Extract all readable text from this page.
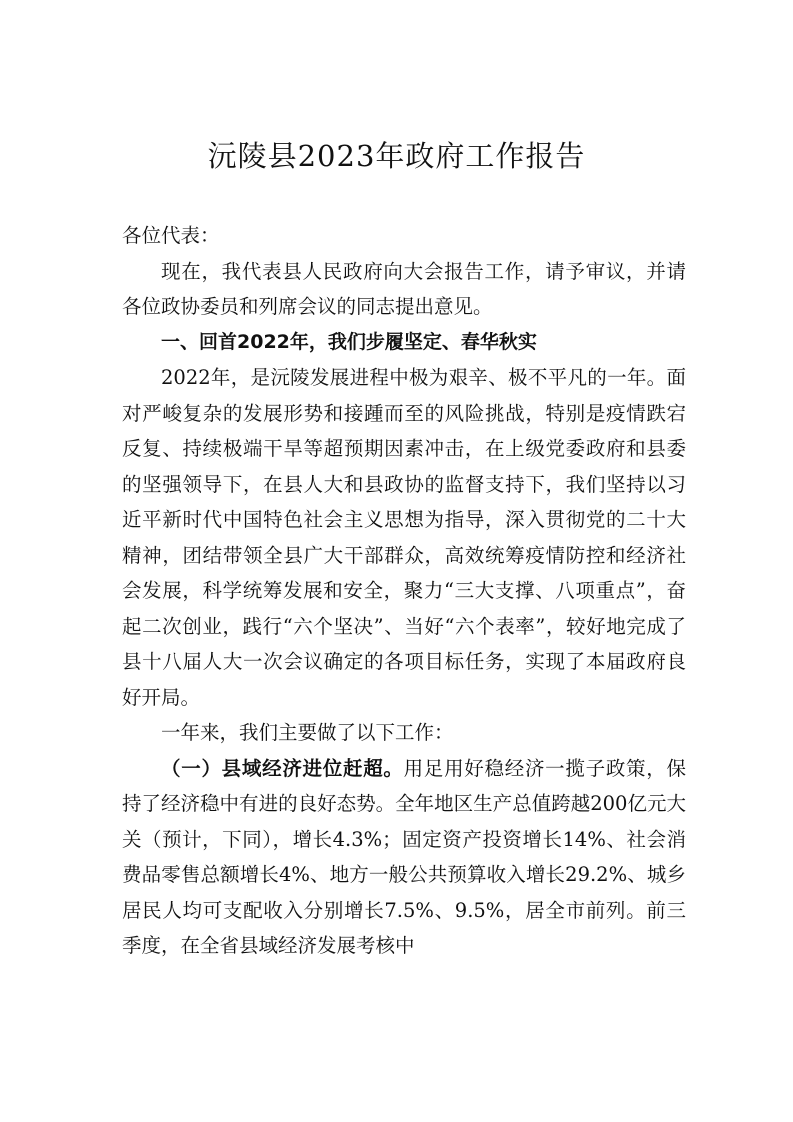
沅陵县2023年政府工作报告

各位代表：

现在，我代表县人民政府向大会报告工作，请予审议，并请各位政协委员和列席会议的同志提出意见。

一、回首2022年，我们步履坚定、春华秋实

2022年，是沅陵发展进程中极为艰辛、极不平凡的一年。面对严峻复杂的发展形势和接踵而至的风险挑战，特别是疫情跌宕反复、持续极端干旱等超预期因素冲击，在上级党委政府和县委的坚强领导下，在县人大和县政协的监督支持下，我们坚持以习近平新时代中国特色社会主义思想为指导，深入贯彻党的二十大精神，团结带领全县广大干部群众，高效统筹疫情防控和经济社会发展，科学统筹发展和安全，聚力“三大支撑、八项重点”，奋起二次创业，践行“六个坚决”、当好“六个表率”，较好地完成了县十八届人大一次会议确定的各项目标任务，实现了本届政府良好开局。

一年来，我们主要做了以下工作：

（一）县域经济进位赶超。用足用好稳经济一揽子政策，保持了经济稳中有进的良好态势。全年地区生产总值跨越200亿元大关（预计，下同），增长4.3%；固定资产投资增长14%、社会消费品零售总额增长4%、地方一般公共预算收入增长29.2%、城乡居民人均可支配收入分别增长7.5%、9.5%，居全市前列。前三季度，在全省县域经济发展考核中
